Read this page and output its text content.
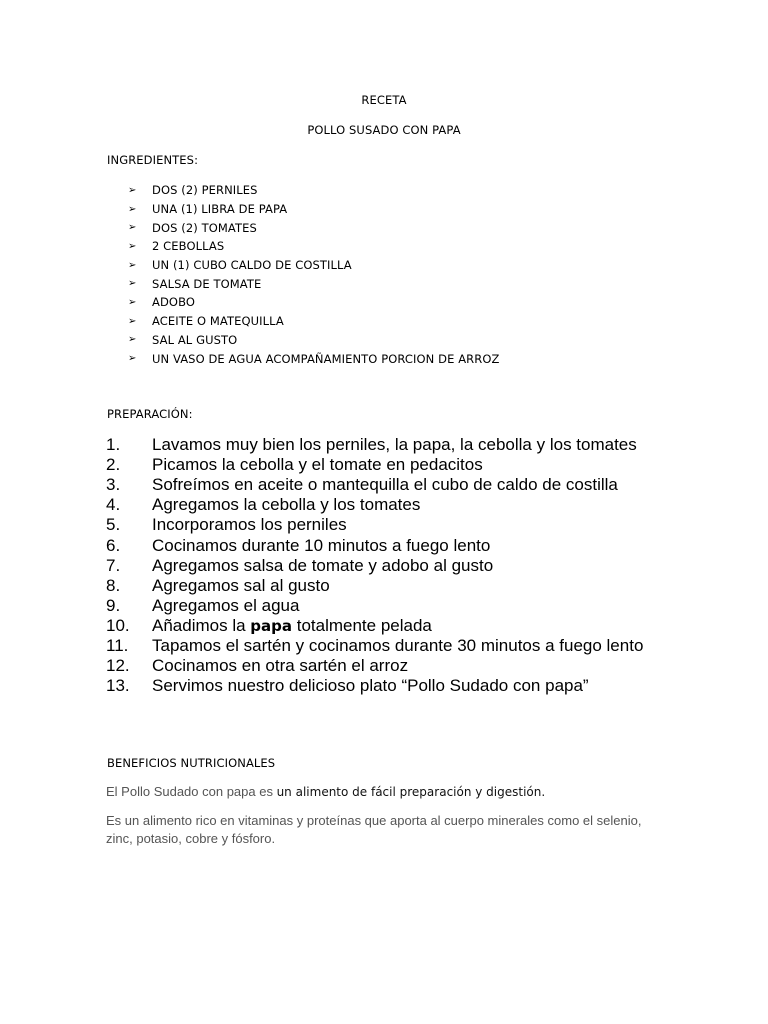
RECETA
POLLO SUSADO CON PAPA
INGREDIENTES:
➢	DOS (2) PERNILES
➢	UNA (1) LIBRA DE PAPA
➢	DOS (2) TOMATES
➢	2 CEBOLLAS
➢	UN (1) CUBO CALDO DE COSTILLA
➢	SALSA DE TOMATE
➢	ADOBO
➢	ACEITE O MATEQUILLA
➢	SAL AL GUSTO
➢	UN VASO DE AGUA ACOMPAÑAMIENTO PORCION DE ARROZ
PREPARACIÓN:
1.	Lavamos muy bien los perniles, la papa, la cebolla y los tomates
2.	Picamos la cebolla y el tomate en pedacitos
3.	Sofreímos en aceite o mantequilla el cubo de caldo de costilla
4.	Agregamos la cebolla y los tomates
5.	Incorporamos los perniles
6.	Cocinamos durante 10 minutos a fuego lento
7.	Agregamos salsa de tomate y adobo al gusto
8.	Agregamos sal al gusto
9.	Agregamos el agua
10.	Añadimos la papa totalmente pelada
11.	Tapamos el sartén y cocinamos durante 30 minutos a fuego lento
12.	Cocinamos en otra sartén el arroz
13.	Servimos nuestro delicioso plato “Pollo Sudado con papa”
BENEFICIOS NUTRICIONALES
El Pollo Sudado con papa es un alimento de fácil preparación y digestión.
Es un alimento rico en vitaminas y proteínas que aporta al cuerpo minerales como el selenio, zinc, potasio, cobre y fósforo.
